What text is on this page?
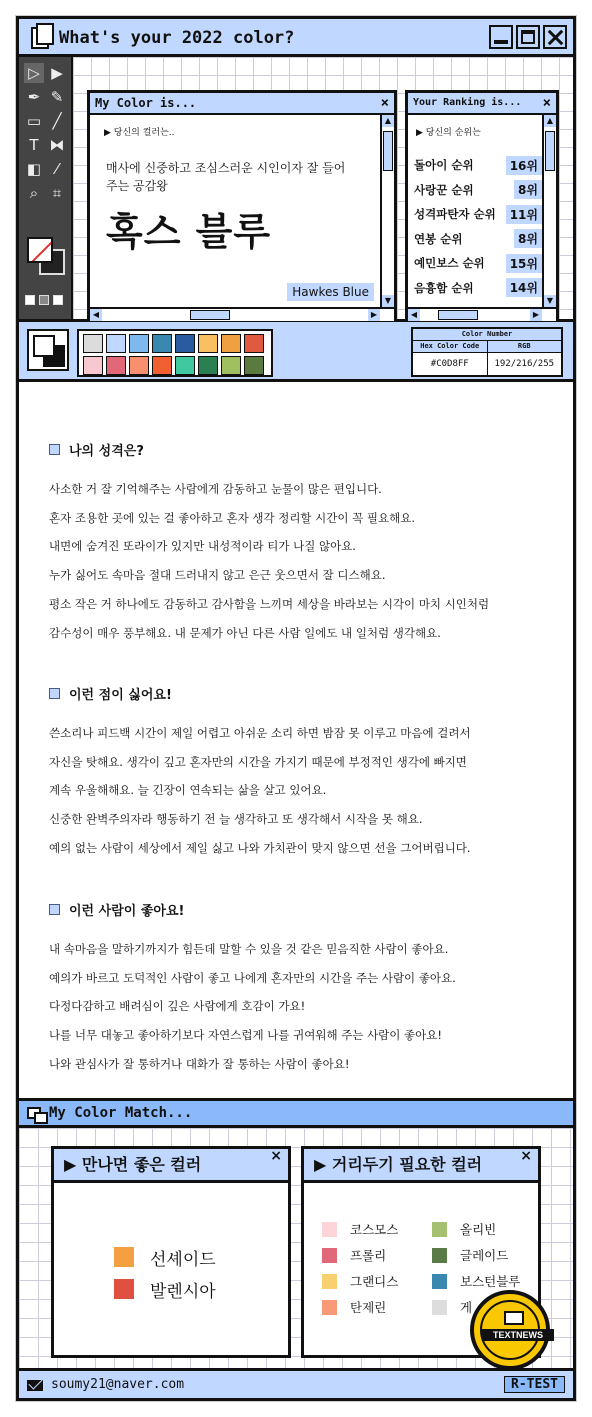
What's your 2022 color?
▷ ▶
✒ ✎
▭ ╱
T ⧓
◧ ⁄
⌕ ⌗
My Color is...	×
▶ 당신의 컬러는..
매사에 신중하고 조심스러운 시인이자 잘 들어주는 공감왕
혹스 블루
Hawkes Blue
▲
▼
◀	▶
Your Ranking is... ×
▶ 당신의 순위는
돌아이 순위	16위
사랑꾼 순위	8위
성격파탄자 순위	11위
연봉 순위	8위
예민보스 순위	15위
음흉함 순위	14위
▲
▼
◀	▶
Color Number
Hex Color Code	RGB
#C0D8FF	192/216/255
나의 성격은?
사소한 거 잘 기억해주는 사람에게 감동하고 눈물이 많은 편입니다.
혼자 조용한 곳에 있는 걸 좋아하고 혼자 생각 정리할 시간이 꼭 필요해요.
내면에 숨겨진 또라이가 있지만 내성적이라 티가 나질 않아요.
누가 싫어도 속마음 절대 드러내지 않고 은근 웃으면서 잘 디스해요.
평소 작은 거 하나에도 감동하고 감사함을 느끼며 세상을 바라보는 시각이 마치 시인처럼
감수성이 매우 풍부해요. 내 문제가 아닌 다른 사람 일에도 내 일처럼 생각해요.
이런 점이 싫어요!
쓴소리나 피드백 시간이 제일 어렵고 아쉬운 소리 하면 밤잠 못 이루고 마음에 걸려서
자신을 탓해요. 생각이 깊고 혼자만의 시간을 가지기 때문에 부정적인 생각에 빠지면
계속 우울해해요. 늘 긴장이 연속되는 삶을 살고 있어요.
신중한 완벽주의자라 행동하기 전 늘 생각하고 또 생각해서 시작을 못 해요.
예의 없는 사람이 세상에서 제일 싫고 나와 가치관이 맞지 않으면 선을 그어버립니다.
이런 사람이 좋아요!
내 속마음을 말하기까지가 힘든데 말할 수 있을 것 같은 믿음직한 사람이 좋아요.
예의가 바르고 도덕적인 사람이 좋고 나에게 혼자만의 시간을 주는 사람이 좋아요.
다정다감하고 배려심이 깊은 사람에게 호감이 가요!
나를 너무 대놓고 좋아하기보다 자연스럽게 나를 귀여워해 주는 사람이 좋아요!
나와 관심사가 잘 통하거나 대화가 잘 통하는 사람이 좋아요!
My Color Match...
▶ 만나면 좋은 컬러	×
선셰이드
발렌시아
▶ 거리두기 필요한 컬러	×
코스모스	올리빈
프롤리	글레이드
그랜디스	보스턴블루
탄제린	게
soumy21@naver.com	R-TEST
TEXTNEWS
